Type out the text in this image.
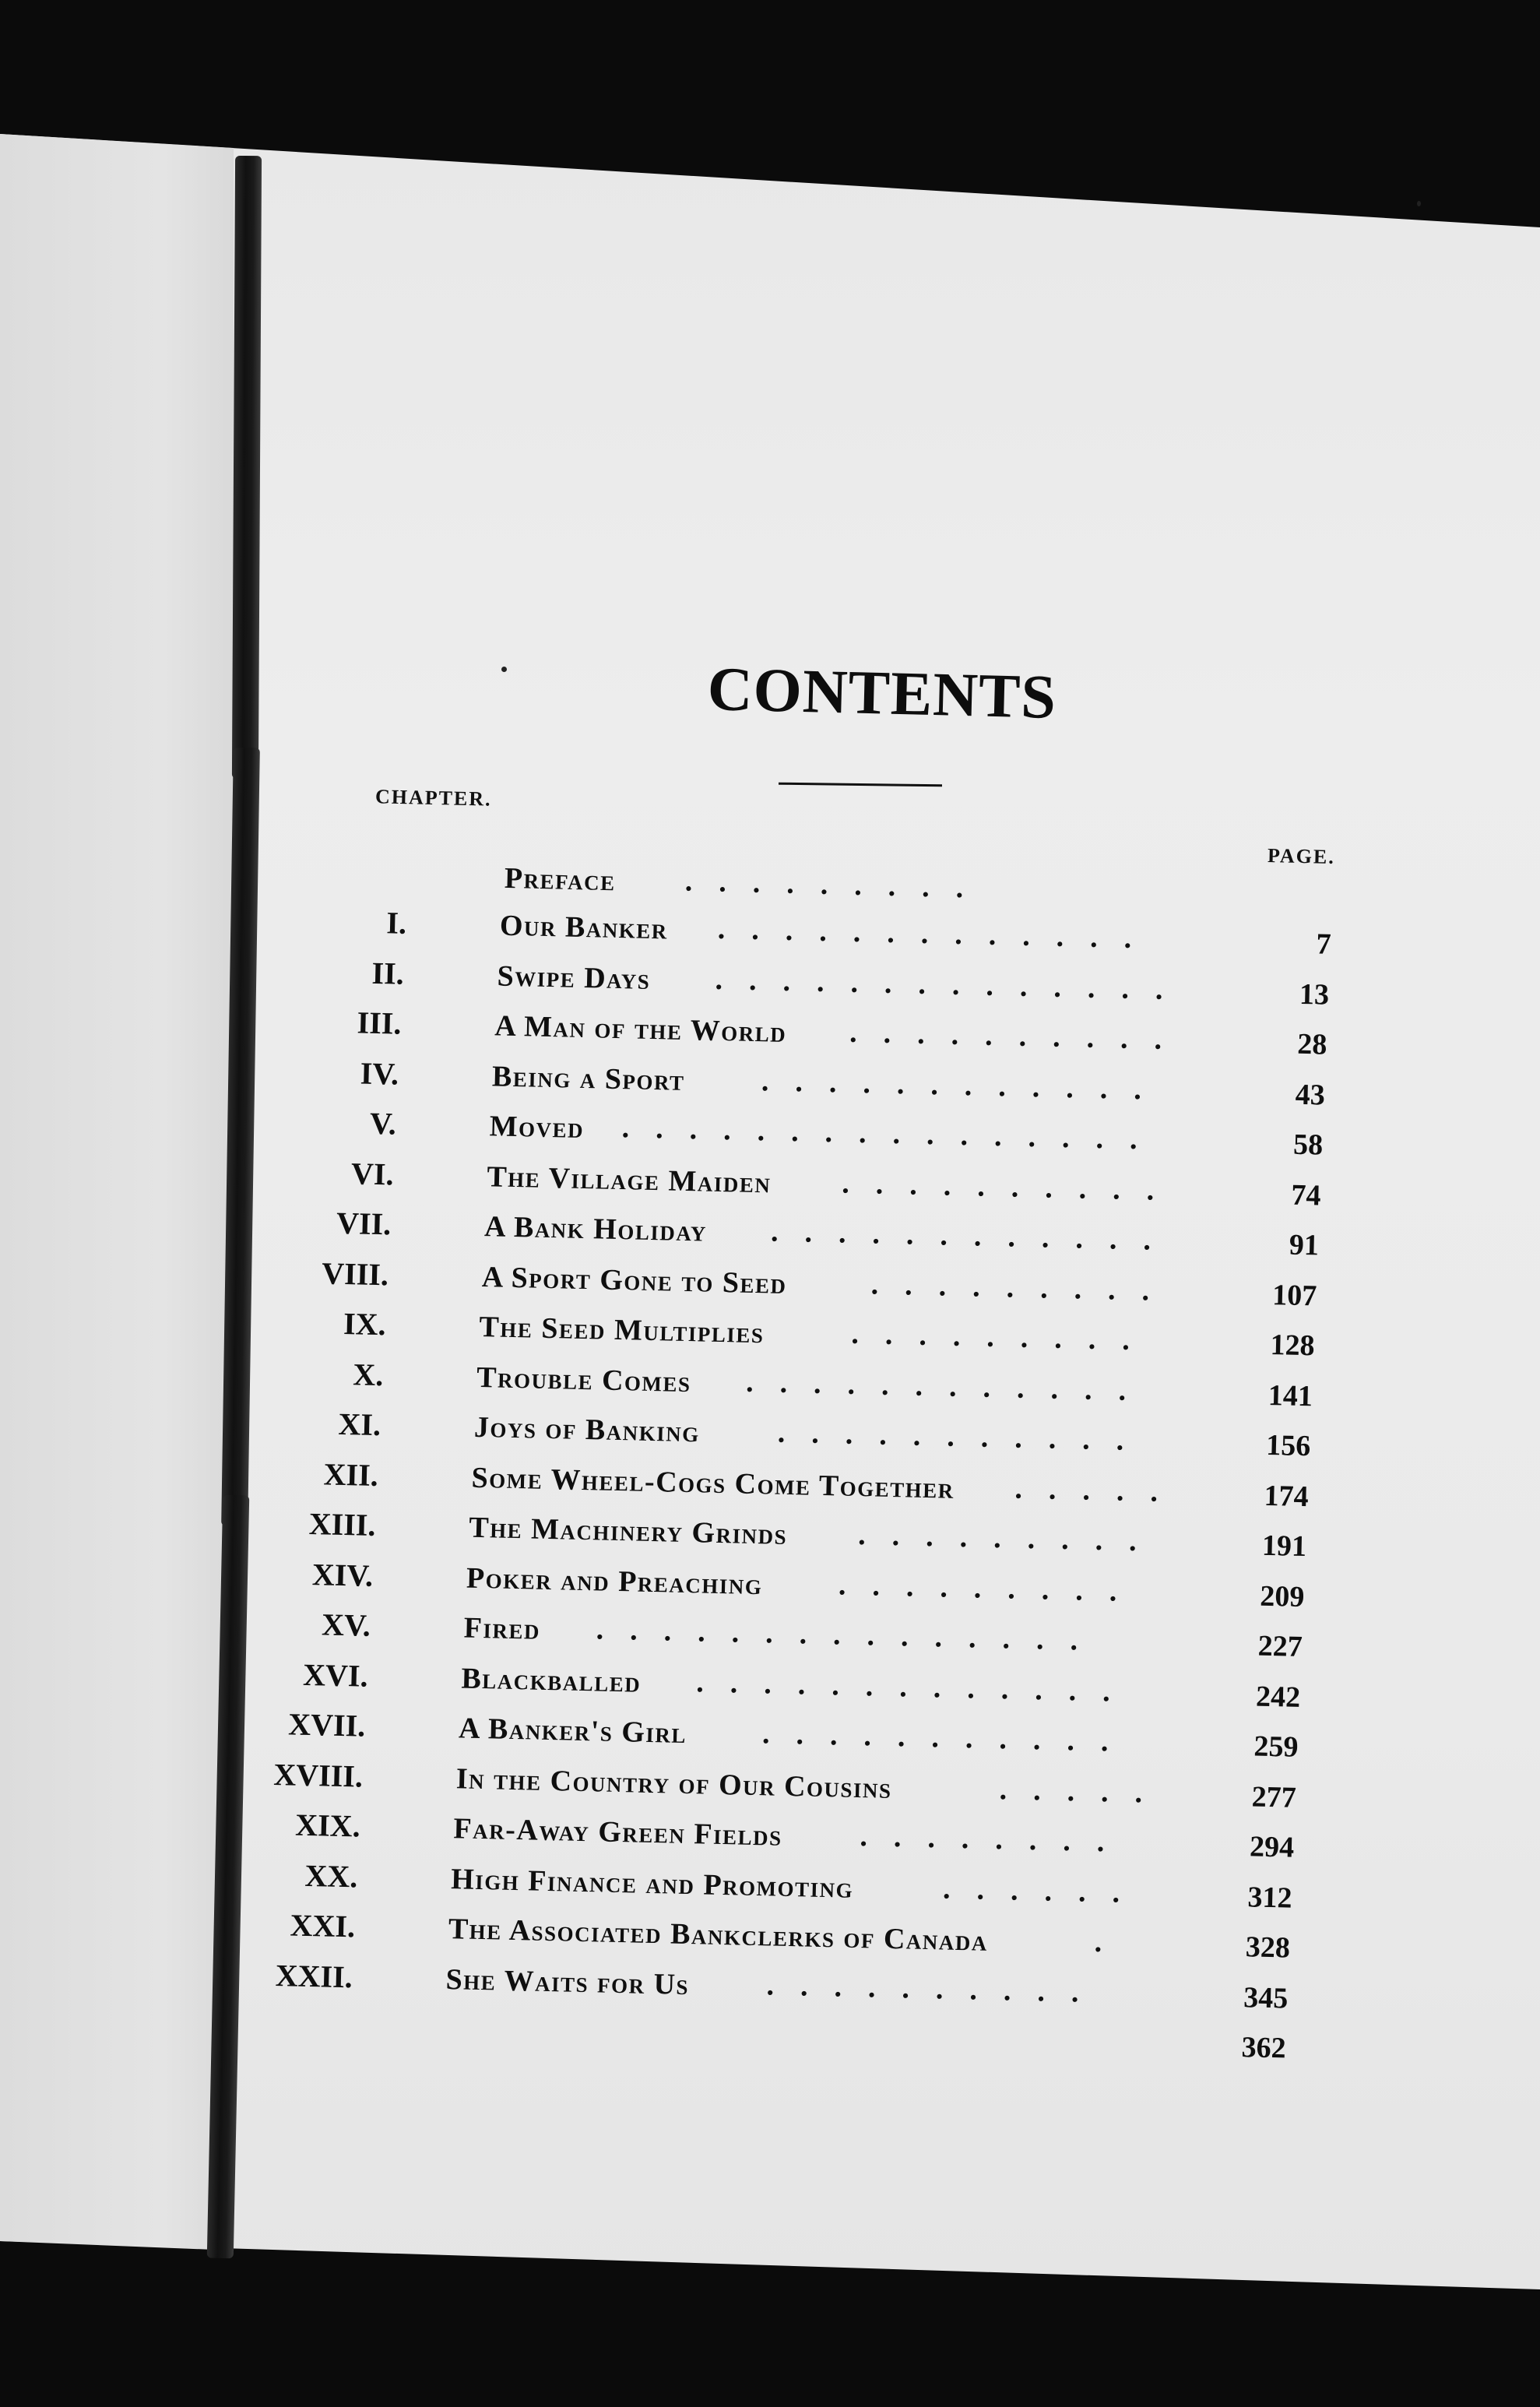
CONTENTS
CHAPTER.
PAGE.
Preface .........
I.	Our Banker .............	7
II.	Swipe Days ..............	13
III.	A Man of the World ..........	28
IV.	Being a Sport	............	43
V.	Moved ................	58
VI.	The Village Maiden ..........	74
VII.	A Bank Holiday ............	91
VIII.	A Sport Gone to Seed	.........	107
IX.	The Seed Multiplies	.........	128
X.	Trouble Comes ............	141
XI.	Joys of Banking	...........	156
XII.	Some Wheel-Cogs Come Together .....	174
XIII.	The Machinery Grinds .........	191
XIV.	Poker and Preaching	.........	209
XV.	Fired ...............	227
XVI.	Blackballed .............	242
XVII.	A Banker's Girl	...........	259
XVIII.	In the Country of Our Cousins	.....	277
XIX.	Far-Away Green Fields	........	294
XX.	High Finance and Promoting	......	312
XXI.	The Associated Bankclerks of Canada	.	328
XXII.	She Waits for Us	..........	345
362
